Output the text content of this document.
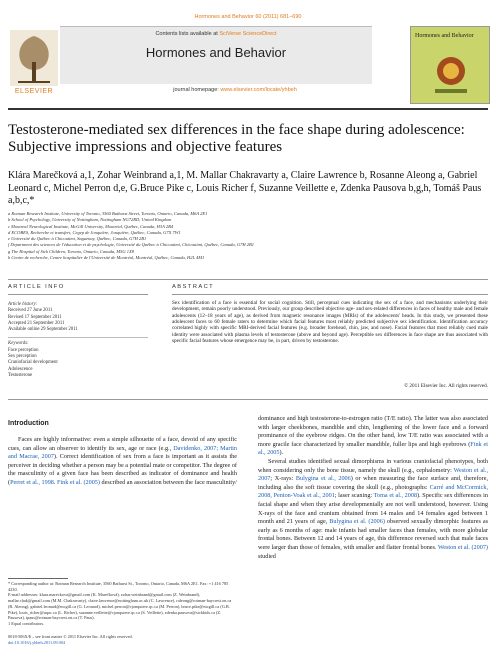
Hormones and Behavior 60 (2011) 681–690
ELSEVIER
Contents lists available at SciVerse ScienceDirect
Hormones and Behavior
journal homepage: www.elsevier.com/locate/yhbeh
Hormones and Behavior
Testosterone-mediated sex differences in the face shape during adolescence: Subjective impressions and objective features
Klára Marečková a,1, Zohar Weinbrand a,1, M. Mallar Chakravarty a, Claire Lawrence b, Rosanne Aleong a, Gabriel Leonard c, Michel Perron d,e, G.Bruce Pike c, Louis Richer f, Suzanne Veillette e, Zdenka Pausova b,g,h, Tomáš Paus a,b,c,*
a Rotman Research Institute, University of Toronto, 3560 Bathurst Street, Toronto, Ontario, Canada, M6A 2E1
b School of Psychology, University of Nottingham, Nottingham NG72RD, United Kingdom
c Montreal Neurological Institute, McGill University, Montréal, Québec, Canada, H3A 2B4
d ECOBES, Recherche et transfert, Cegep de Jonquière, Jonquière, Québec, Canada, G7X 7W1
e Université du Québec à Chicoutimi, Saguenay, Québec, Canada, G7H 2B1
f Department des sciences de l'éducation et de psychologie, Université du Québec à Chicoutimi, Chicoutimi, Québec, Canada, G7H 2B1
g The Hospital of Sick Children, Toronto, Ontario, Canada, M5G 1X8
h Centre de recherche, Centre hospitalier de l'Université de Montréal, Montréal, Québec, Canada, H2L 4M1
ARTICLE INFO	ABSTRACT
Article history:
Received 27 June 2011
Revised 17 September 2011
Accepted 21 September 2011
Available online 29 September 2011
Keywords:
Face perception
Sex perception
Craniofacial development
Adolescence
Testosterone
Sex identification of a face is essential for social cognition. Still, perceptual cues indicating the sex of a face, and mechanisms underlying their development, remain poorly understood. Previously, our group described objective age- and sex-related differences in faces of healthy male and female adolescents (12–18 years of age), as derived from magnetic resonance images (MRIs) of the adolescents' heads. In this study, we presented these adolescent faces to 60 female raters to determine which facial features most reliably predicted subjective sex identification. Identification accuracy correlated highly with specific MRI-derived facial features (e.g. broader forehead, chin, jaw, and nose). Facial features that most reliably cued male identity were associated with plasma levels of testosterone (above and beyond age). Perceptible sex differences in face shape are thus associated with specific facial features whose emergence may be, in part, driven by testosterone.
© 2011 Elsevier Inc. All rights reserved.
Introduction

Faces are highly informative: even a simple silhouette of a face, devoid of any specific cues, can allow an observer to identify its sex, age or race (e.g., Davidenko, 2007; Martin and Macrae, 2007). Correct identification of sex from a face is important as it assists the perceiver in deciding whether a person may be a potential mate or competitor. The degree of the masculinity of a given face has been described as indicator of dominance and health (Perret et al., 1998. Fink et al. (2005) described an association between the face masculinity/

* Corresponding author at: Rotman Research Institute, 3560 Bathurst St., Toronto, Ontario, Canada, M6A 2E1. Fax: +1 416 785 4230.
E-mail addresses: klara.mareckova@gmail.com (K. Marečková), zohar.weinbrand@gmail.com (Z. Weinbrand), mallar.chak@gmail.com (M.M. Chakravarty), claire.lawrence@nottingham.ac.uk (C. Lawrence), raleong@rotman-baycrest.on.ca (R. Aleong), gabriel.leonard@mcgill.ca (G. Leonard), michel.perron@cjonquiere.qc.ca (M. Perron), bruce.pike@mcgill.ca (G.B. Pike), louis_richer@uqac.ca (L. Richer), suzanne.veillette@cjonquiere.qc.ca (S. Veillette), zdenka.pausova@sickkids.ca (Z. Pausova), tpaus@rotman-baycrest.on.ca (T. Paus).
1 Equal contributors.
0018-506X/$ – see front matter © 2011 Elsevier Inc. All rights reserved.
doi:10.1016/j.yhbeh.2011.09.004

dominance and high testosterone-to-estrogen ratio (T/E ratio). The latter was also associated with larger cheekbones, mandible and chin, lengthening of the lower face and a forward prominance of the eyebrow ridges. On the other hand, low T/E ratio was associated with a more gracile face characterized by smaller mandible, fuller lips and high eyebrows (Fink et al., 2005).

Several studies identified sexual dimorphisms in various craniofacial phenotypes, both when considering only the bone tissue, namely the skull (e.g., cephalometry: Weston et al., 2007; X-rays: Bulygina et al., 2006) or when measuring the face surface and, therefore, including also the soft tissue covering the skull (e.g., photographs: Carré and McCormick, 2008, Penton-Voak et al., 2001; laser scaning: Toma et al., 2008). Specific sex differences in facial shape and when they arise developmentally are not well understood, however. Using X-rays of the face and cranium obtained from 14 males and 14 females aged between 1 month and 21 years of age, Bulygina et al. (2006) observed sexually dimorphic features as early as 6 months of age: male infants had smaller faces than females, with more globular frontal bones. Between 12 and 14 years of age, this difference reversed such that male faces were larger than those of females, with smaller and flatter frontal bones. Weston et al. (2007) studied
